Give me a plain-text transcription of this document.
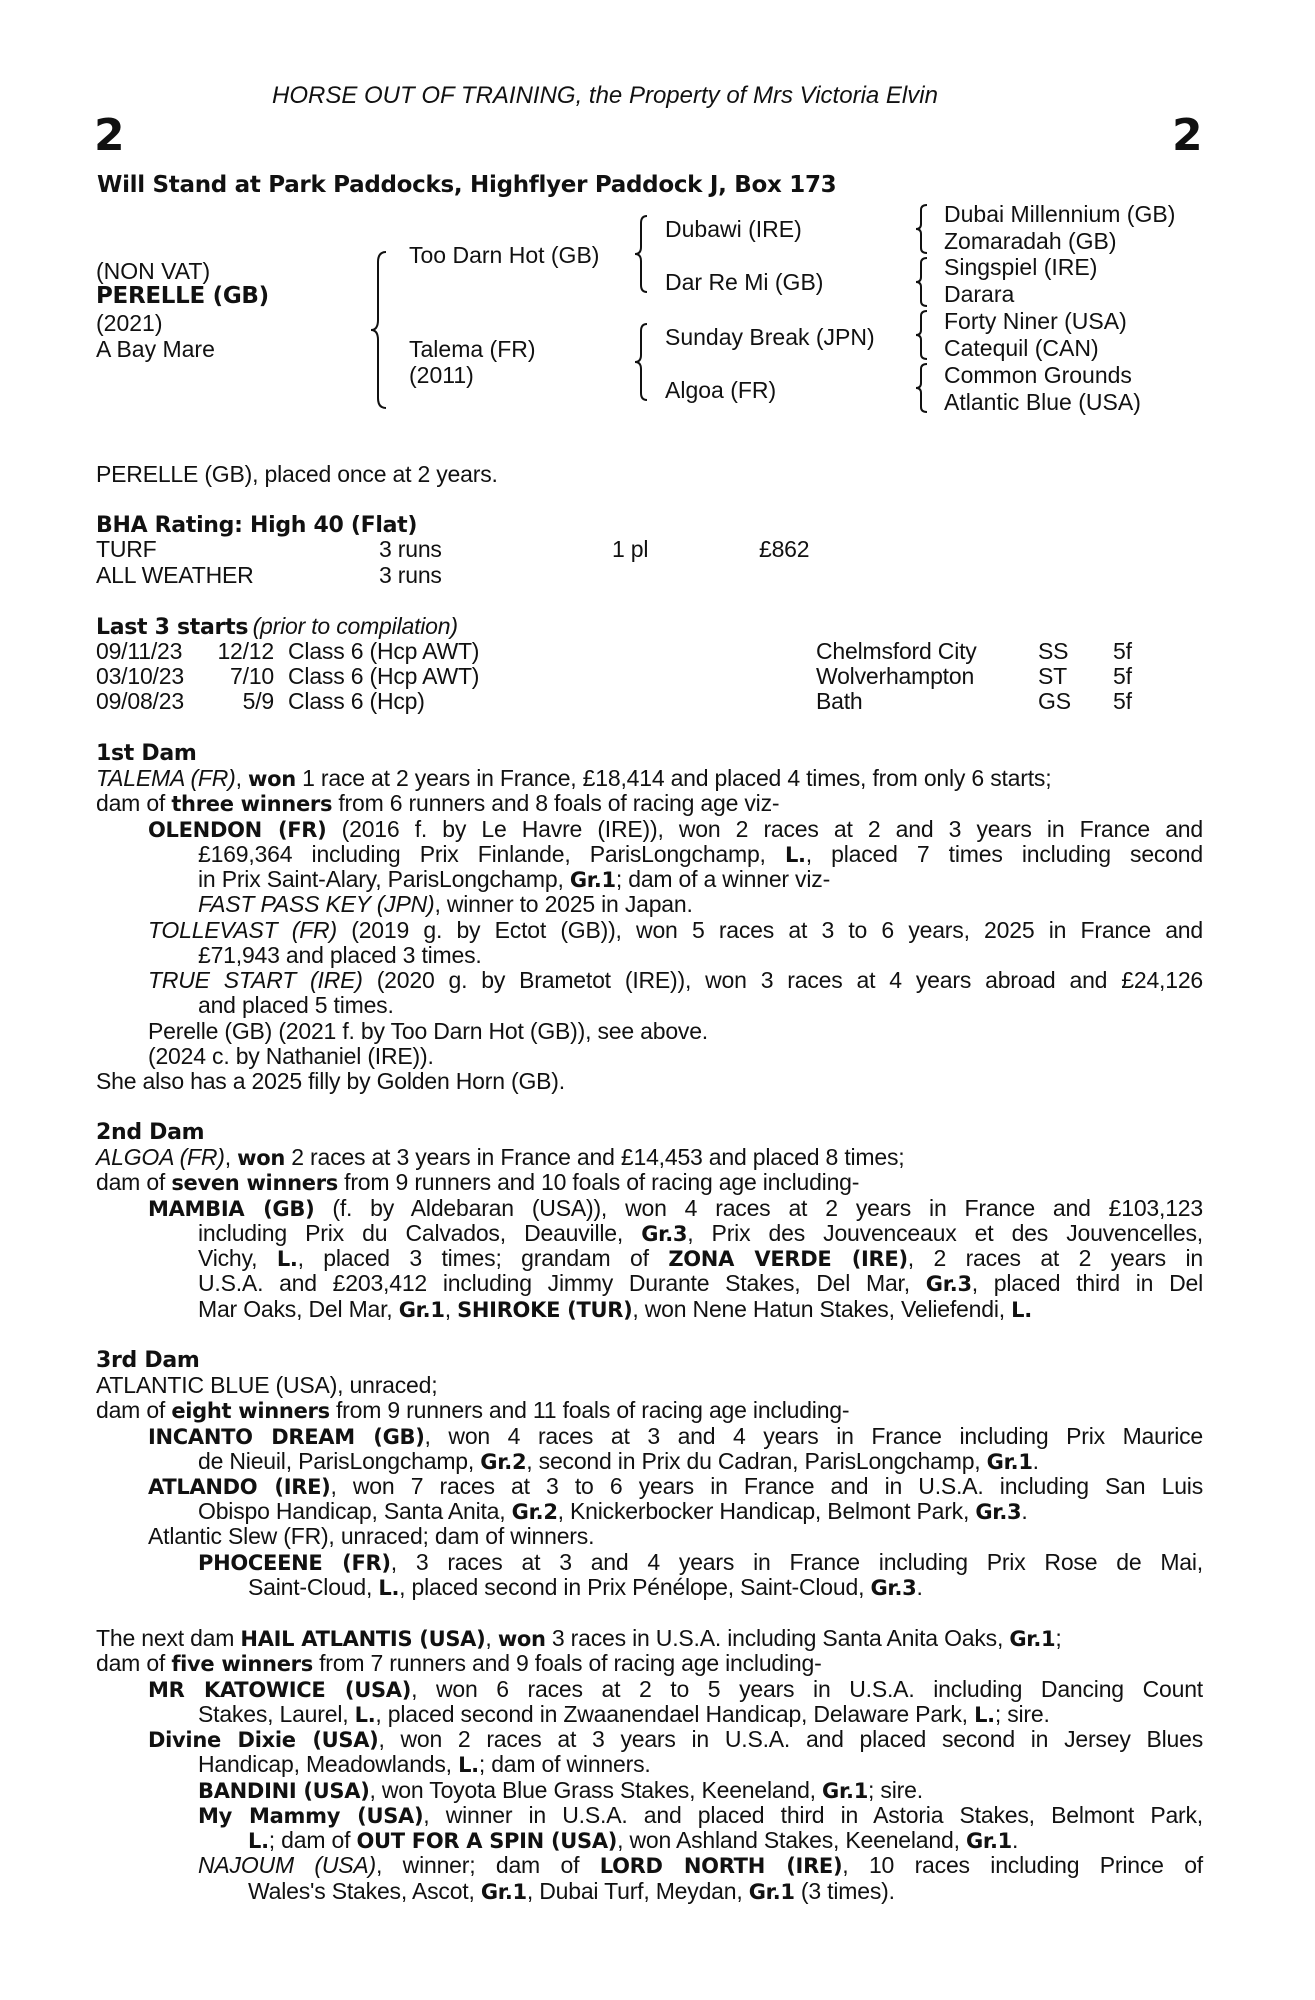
HORSE OUT OF TRAINING, the Property of Mrs Victoria Elvin
2	2
Will Stand at Park Paddocks, Highflyer Paddock J, Box 173
(NON VAT)
PERELLE (GB)
(2021)
A Bay Mare
Too Darn Hot (GB)
Talema (FR)
(2011)
Dubawi (IRE)
Dar Re Mi (GB)
Sunday Break (JPN)
Algoa (FR)
Dubai Millennium (GB)
Zomaradah (GB)
Singspiel (IRE)
Darara
Forty Niner (USA)
Catequil (CAN)
Common Grounds
Atlantic Blue (USA)
PERELLE (GB), placed once at 2 years.
BHA Rating: High 40 (Flat)
TURF	3 runs	1 pl	£862
ALL WEATHER	3 runs
Last 3 starts (prior to compilation)
09/11/23	12/12 Class 6 (Hcp AWT)	Chelmsford City	SS 5f
03/10/23	7/10 Class 6 (Hcp AWT)	Wolverhampton	ST 5f
09/08/23	5/9 Class 6 (Hcp)	Bath	GS 5f
1st Dam
TALEMA (FR), won 1 race at 2 years in France, £18,414 and placed 4 times, from only 6 starts;
dam of three winners from 6 runners and 8 foals of racing age viz-
OLENDON (FR) (2016 f. by Le Havre (IRE)), won 2 races at 2 and 3 years in France and
£169,364 including Prix Finlande, ParisLongchamp, L., placed 7 times including second
in Prix Saint-Alary, ParisLongchamp, Gr.1; dam of a winner viz-
FAST PASS KEY (JPN), winner to 2025 in Japan.
TOLLEVAST (FR) (2019 g. by Ectot (GB)), won 5 races at 3 to 6 years, 2025 in France and
£71,943 and placed 3 times.
TRUE START (IRE) (2020 g. by Brametot (IRE)), won 3 races at 4 years abroad and £24,126
and placed 5 times.
Perelle (GB) (2021 f. by Too Darn Hot (GB)), see above.
(2024 c. by Nathaniel (IRE)).
She also has a 2025 filly by Golden Horn (GB).
2nd Dam
ALGOA (FR), won 2 races at 3 years in France and £14,453 and placed 8 times;
dam of seven winners from 9 runners and 10 foals of racing age including-
MAMBIA (GB) (f. by Aldebaran (USA)), won 4 races at 2 years in France and £103,123
including Prix du Calvados, Deauville, Gr.3, Prix des Jouvenceaux et des Jouvencelles,
Vichy, L., placed 3 times; grandam of ZONA VERDE (IRE), 2 races at 2 years in
U.S.A. and £203,412 including Jimmy Durante Stakes, Del Mar, Gr.3, placed third in Del
Mar Oaks, Del Mar, Gr.1, SHIROKE (TUR), won Nene Hatun Stakes, Veliefendi, L.
3rd Dam
ATLANTIC BLUE (USA), unraced;
dam of eight winners from 9 runners and 11 foals of racing age including-
INCANTO DREAM (GB), won 4 races at 3 and 4 years in France including Prix Maurice
de Nieuil, ParisLongchamp, Gr.2, second in Prix du Cadran, ParisLongchamp, Gr.1.
ATLANDO (IRE), won 7 races at 3 to 6 years in France and in U.S.A. including San Luis
Obispo Handicap, Santa Anita, Gr.2, Knickerbocker Handicap, Belmont Park, Gr.3.
Atlantic Slew (FR), unraced; dam of winners.
PHOCEENE (FR), 3 races at 3 and 4 years in France including Prix Rose de Mai,
Saint-Cloud, L., placed second in Prix Pénélope, Saint-Cloud, Gr.3.
The next dam HAIL ATLANTIS (USA), won 3 races in U.S.A. including Santa Anita Oaks, Gr.1;
dam of five winners from 7 runners and 9 foals of racing age including-
MR KATOWICE (USA), won 6 races at 2 to 5 years in U.S.A. including Dancing Count
Stakes, Laurel, L., placed second in Zwaanendael Handicap, Delaware Park, L.; sire.
Divine Dixie (USA), won 2 races at 3 years in U.S.A. and placed second in Jersey Blues
Handicap, Meadowlands, L.; dam of winners.
BANDINI (USA), won Toyota Blue Grass Stakes, Keeneland, Gr.1; sire.
My Mammy (USA), winner in U.S.A. and placed third in Astoria Stakes, Belmont Park,
L.; dam of OUT FOR A SPIN (USA), won Ashland Stakes, Keeneland, Gr.1.
NAJOUM (USA), winner; dam of LORD NORTH (IRE), 10 races including Prince of
Wales's Stakes, Ascot, Gr.1, Dubai Turf, Meydan, Gr.1 (3 times).
